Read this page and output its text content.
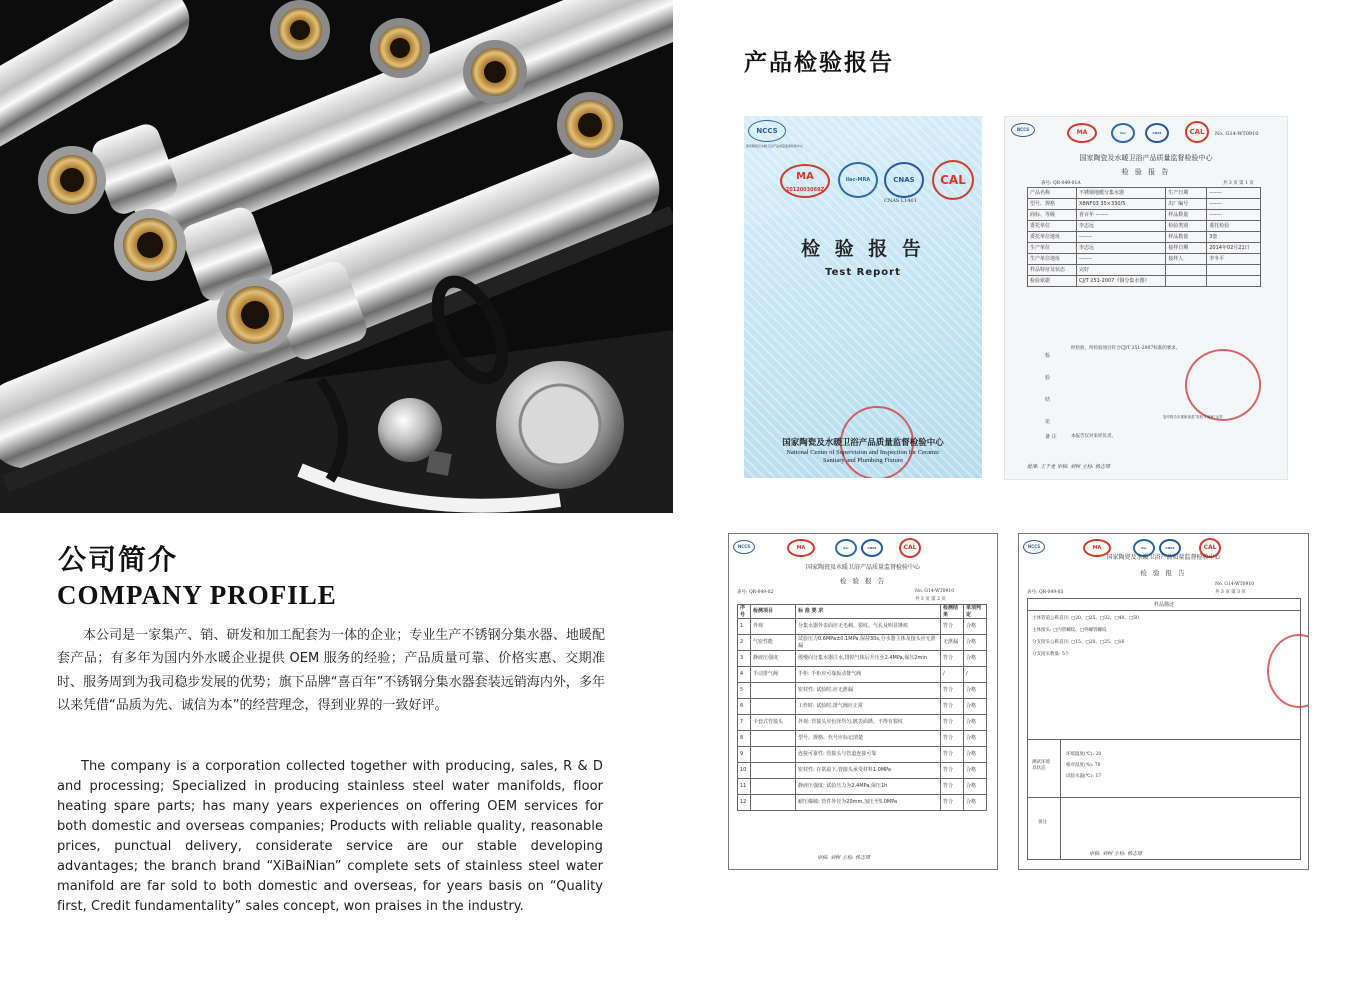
公司简介
COMPANY PROFILE
本公司是一家集产、销、研发和加工配套为一体的企业；专业生产不锈钢分集水器、地暖配套产品；有多年为国内外水暖企业提供 OEM 服务的经验；产品质量可靠、价格实惠、交期准时、服务周到为我司稳步发展的优势；旗下品牌“喜百年”不锈钢分集水器套装远销海内外，多年以来凭借“品质为先、诚信为本”的经营理念，得到业界的一致好评。
The company is a corporation collected together with producing, sales, R & D and processing; Specialized in producing stainless steel water manifolds, floor heating spare parts; has many years experiences on offering OEM services for both domestic and overseas companies; Products with reliable quality, reasonable prices, punctual delivery, considerate service are our stable developing advantages; the branch brand “XiBaiNian” complete sets of stainless steel water manifold are far sold to both domestic and overseas, for years basis on “Quality first, Credit fundamentality” sales concept, won praises in the industry.
产品检验报告
NCCS
国家陶瓷及水暖卫浴产品质量监督检验中心
MA
2012003069Z
ilac-MRA	CNAS
CNAS L1401
CAL
检 验 报 告
Test Report
国家陶瓷及水暖卫浴产品质量监督检验中心
National Center of Supervision and Inspection for Ceramic
Sanitary and Plumbing Fixture
NCCS	MA	ilac	CNAS	CAL	No. G14-WT0910
国家陶瓷及水暖卫浴产品质量监督检验中心
检 验 报 告
表号: QR-049-01A	共 3 页 第 1 页
产品名称	不锈钢地暖分集水器	生产日期	-------
型号、规格	XBNF03 35×330/5	出厂编号	-------
商标、等级	喜百年 -------	样品数量	-------
委托单位	李志远	检验类别	委托检验
委托单位地址	-------	样品数量	3套
生产单位	李志远	接样日期	2014年02月21日
生产单位地址	-------	接样人	李冬平
样品特征及状态	完好		
检验依据	CJ/T 251-2007《铜分集水器》		
检 验 结 论
经检验，所检验项目符合CJ/T 251-2007标准的要求。
复印报告未重新加盖“检验专用章”无效
备 注	本报告仅对来样负责。
批准: 王千龙 审核: 刘树 主检: 杨志璋
NCCS	MA	ilac	CNAS	CAL
国家陶瓷及水暖卫浴产品质量监督检验中心
检 验 报 告
表号: QR-049-02	No. G14-WT0910
共 3 页 第 2 页
序号	检测项目	标 准 要 求	检测结果	单项判定
1	外观	分集水器外表面应无毛刺、裂纹、气孔及明显锤痕	符合	合格
2	气密性能	试验压力0.6MPa±0.1MPa,保持30s,分水器主体及接头应无泄漏	无泄漏	合格
3	静液压强度	缓慢向分集水器注水,排掉气体后升压至2.4MPa,保压2min	符合	合格
4	手动排气阀	手柜: 手柜应可靠扳动排气阀	/	/
5		密封性: 试验时,应无泄漏	符合	合格
6		工作时: 试验时,排气阀应正常	符合	合格
7	卡套式管接头	外观: 管接头应色泽均匀,镀表面锈、不得有裂纹	符合	合格
8		型号、规格、代号应标记清楚	符合	合格
9		连接可靠性: 管接头与管道连接可靠	符合	合格
10		密封性: 在常温下,管接头承受材料1.0MPa	符合	合格
11		静液压强度: 试验压力为2.4MPa,保压1h	符合	合格
12		耐压爆破: 管件外径为20mm,加压至5.0MPa	符合	合格
审核: 刘树 主检: 杨志璋
NCCS	MA	ilac	CNAS	CAL
国家陶瓷及水暖卫浴产品质量监督检验中心
检 验 报 告
表号: QR-049-03
No. G14-WT0910
共 3 页 第 3 页
样品描述
主体管道公称直径: □20、□25、□32、□40、□50
主体接头: □内管螺纹、□外螺管螺纹
分支接头公称直径: □15、□20、□25、□16
分支接头数量: 5个
测试环境及状态
环境温度(℃): 20
相对湿度(%): 70
试验水温(℃): 17
备注
审核: 刘树 主检: 杨志璋
